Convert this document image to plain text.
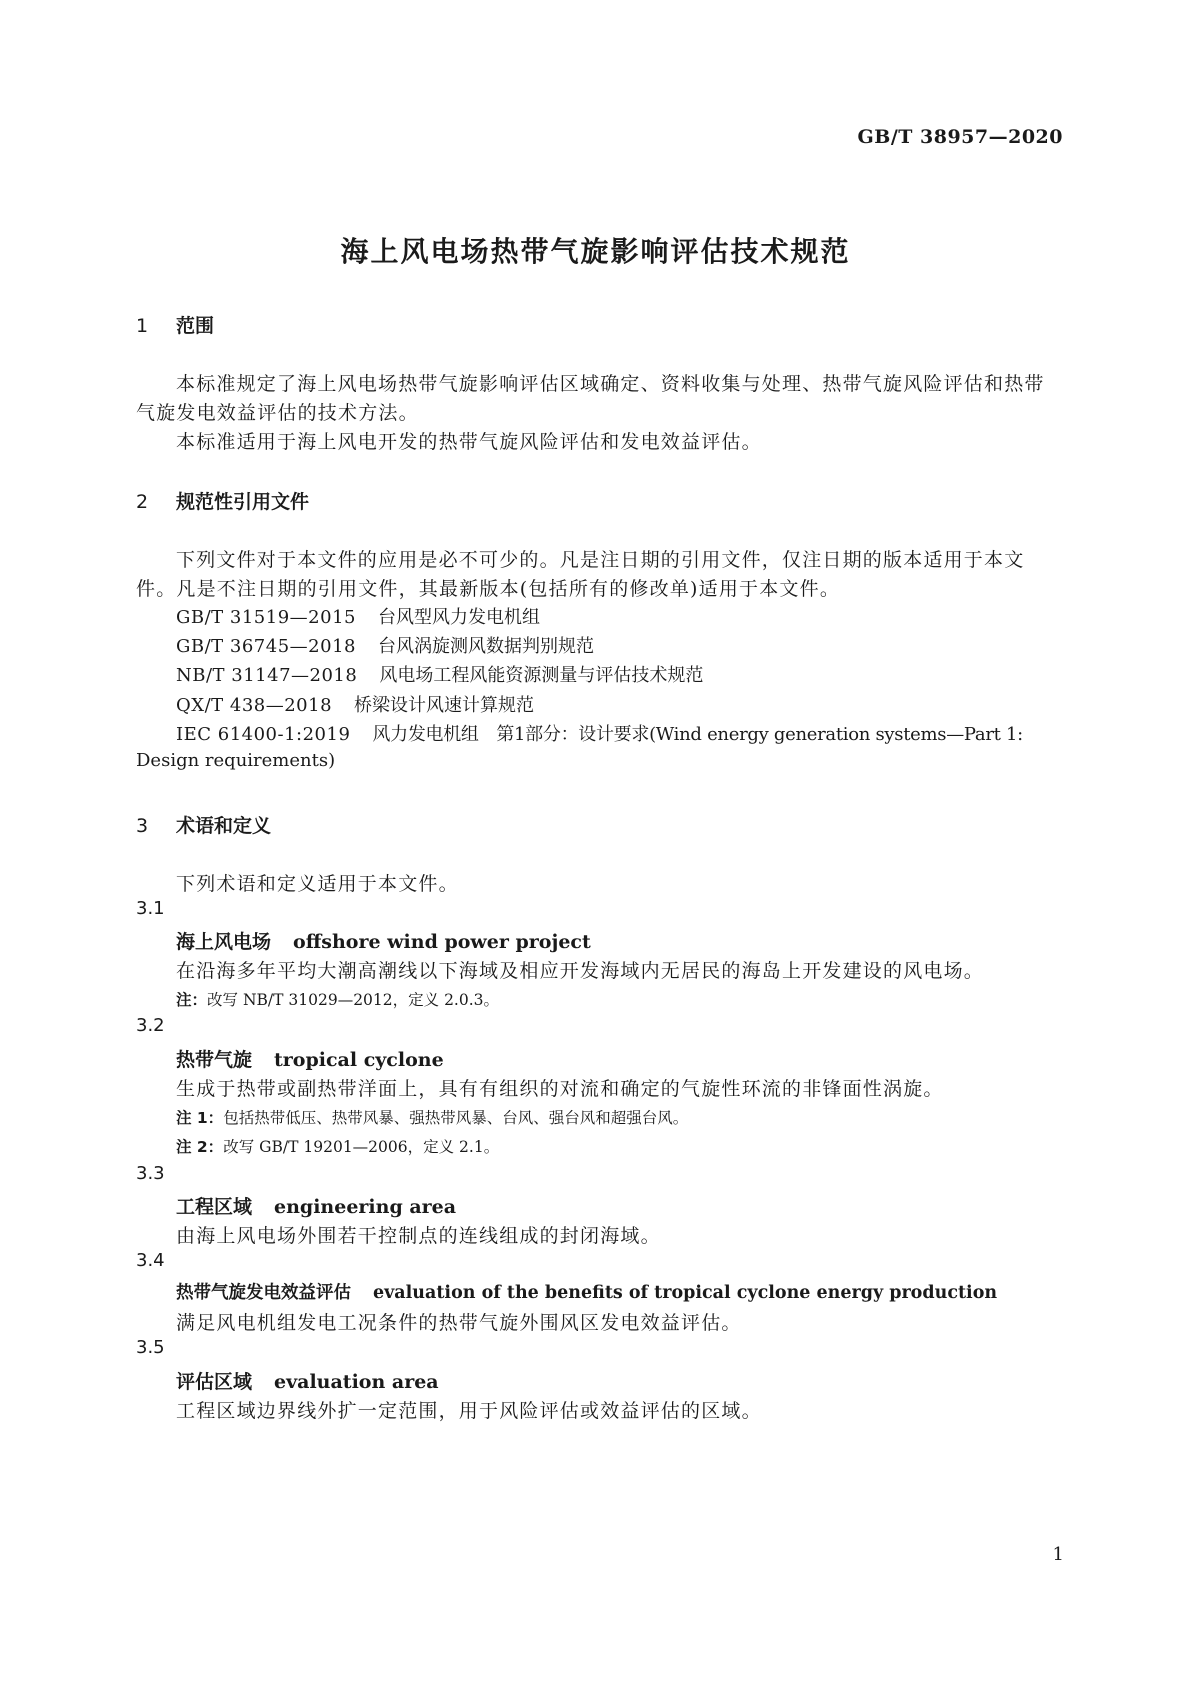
GB/T 38957—2020
海上风电场热带气旋影响评估技术规范
1 范围
本标准规定了海上风电场热带气旋影响评估区域确定、资料收集与处理、热带气旋风险评估和热带
气旋发电效益评估的技术方法。
本标准适用于海上风电开发的热带气旋风险评估和发电效益评估。
2 规范性引用文件
下列文件对于本文件的应用是必不可少的。凡是注日期的引用文件，仅注日期的版本适用于本文
件。凡是不注日期的引用文件，其最新版本(包括所有的修改单)适用于本文件。
GB/T 31519—2015 台风型风力发电机组
GB/T 36745—2018 台风涡旋测风数据判别规范
NB/T 31147—2018 风电场工程风能资源测量与评估技术规范
QX/T 438—2018 桥梁设计风速计算规范
IEC 61400-1:2019 风力发电机组　第1部分：设计要求(Wind energy generation systems—Part 1:
Design requirements)
3 术语和定义
下列术语和定义适用于本文件。
3.1
海上风电场 offshore wind power project
在沿海多年平均大潮高潮线以下海域及相应开发海域内无居民的海岛上开发建设的风电场。
注：改写 NB/T 31029—2012，定义 2.0.3。
3.2
热带气旋 tropical cyclone
生成于热带或副热带洋面上，具有有组织的对流和确定的气旋性环流的非锋面性涡旋。
注 1：包括热带低压、热带风暴、强热带风暴、台风、强台风和超强台风。
注 2：改写 GB/T 19201—2006，定义 2.1。
3.3
工程区域 engineering area
由海上风电场外围若干控制点的连线组成的封闭海域。
3.4
热带气旋发电效益评估 evaluation of the benefits of tropical cyclone energy production
满足风电机组发电工况条件的热带气旋外围风区发电效益评估。
3.5
评估区域 evaluation area
工程区域边界线外扩一定范围，用于风险评估或效益评估的区域。
1
